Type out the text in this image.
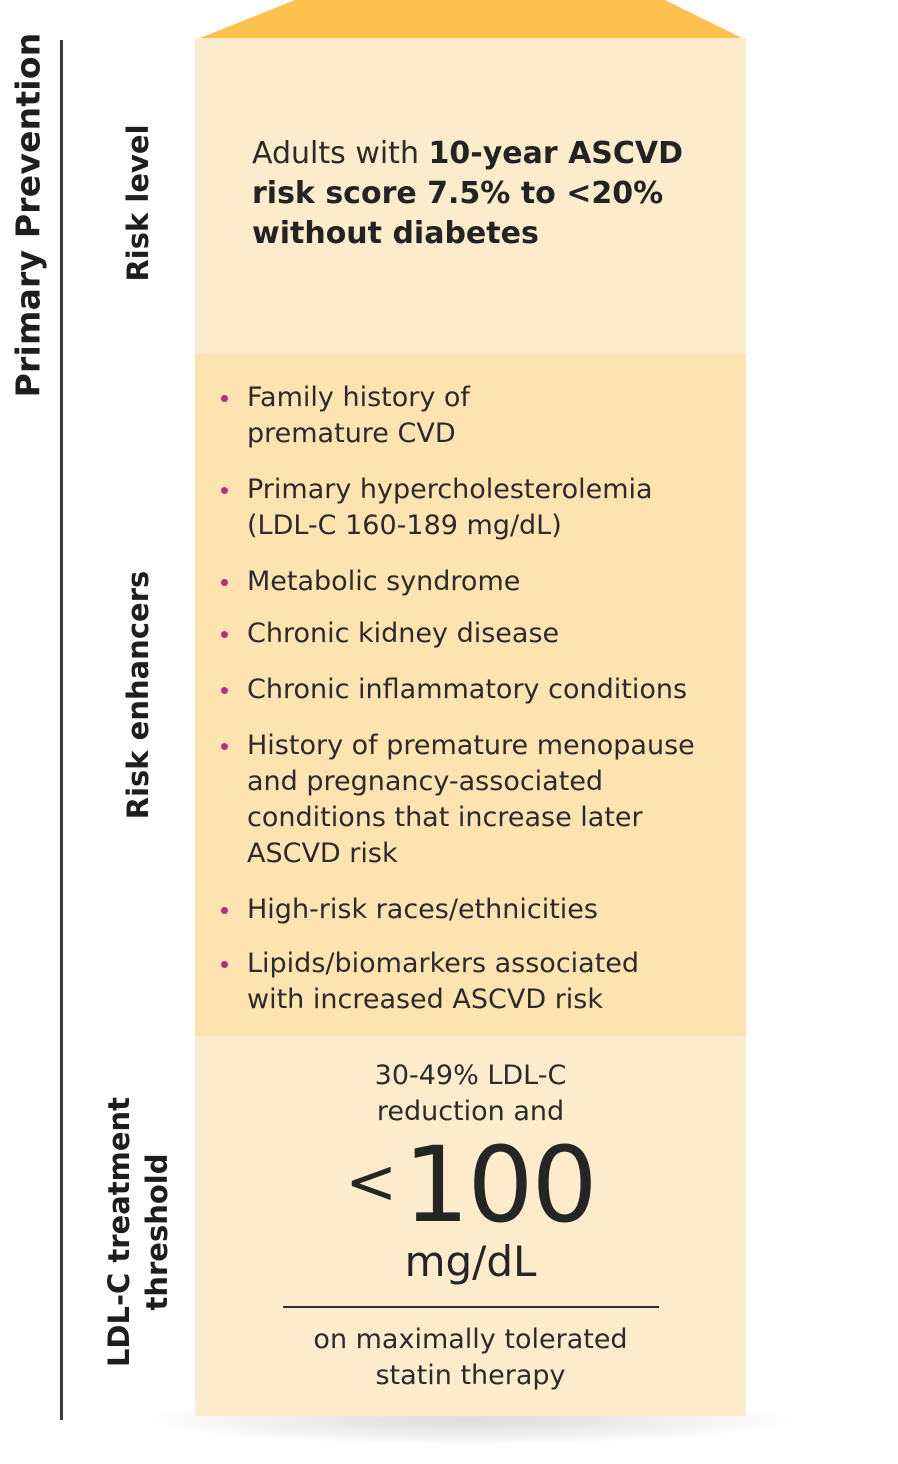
Primary Prevention	Risk level
Risk enhancers
LDL-C treatment threshold
Adults with 10-year ASCVD risk score 7.5% to <20% without diabetes
Family history of premature CVD
Primary hypercholesterolemia (LDL-C 160-189 mg/dL)
Metabolic syndrome
Chronic kidney disease
Chronic inflammatory conditions
History of premature menopause and pregnancy-associated conditions that increase later ASCVD risk
High-risk races/ethnicities
Lipids/biomarkers associated with increased ASCVD risk
30-49% LDL-C
reduction and
<100
mg/dL
on maximally tolerated
statin therapy
